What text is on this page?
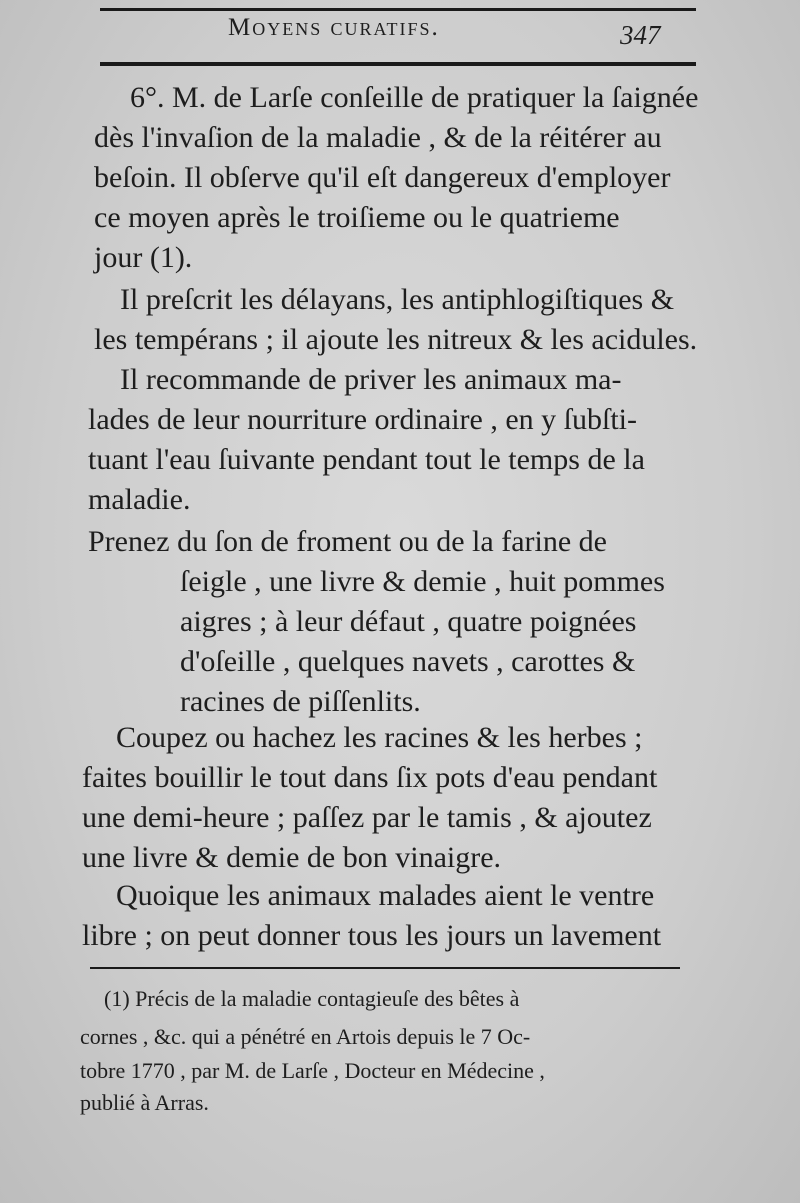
Moyens curatifs.	347
6°. M. de Larſe conſeille de pratiquer la ſaignée
dès l'invaſion de la maladie , & de la réitérer au
beſoin. Il obſerve qu'il eſt dangereux d'employer
ce moyen après le troiſieme ou le quatrieme
jour (1).
Il preſcrit les délayans, les antiphlogiſtiques &
les tempérans ; il ajoute les nitreux & les acidules.
Il recommande de priver les animaux ma-
lades de leur nourriture ordinaire , en y ſubſti-
tuant l'eau ſuivante pendant tout le temps de la
maladie.
Prenez du ſon de froment ou de la farine de
ſeigle , une livre & demie , huit pommes
aigres ; à leur défaut , quatre poignées
d'oſeille , quelques navets , carottes &
racines de piſſenlits.
Coupez ou hachez les racines & les herbes ;
faites bouillir le tout dans ſix pots d'eau pendant
une demi-heure ; paſſez par le tamis , & ajoutez
une livre & demie de bon vinaigre.
Quoique les animaux malades aient le ventre
libre ; on peut donner tous les jours un lavement
(1) Précis de la maladie contagieuſe des bêtes à
cornes , &c. qui a pénétré en Artois depuis le 7 Oc-
tobre 1770 , par M. de Larſe , Docteur en Médecine ,
publié à Arras.
